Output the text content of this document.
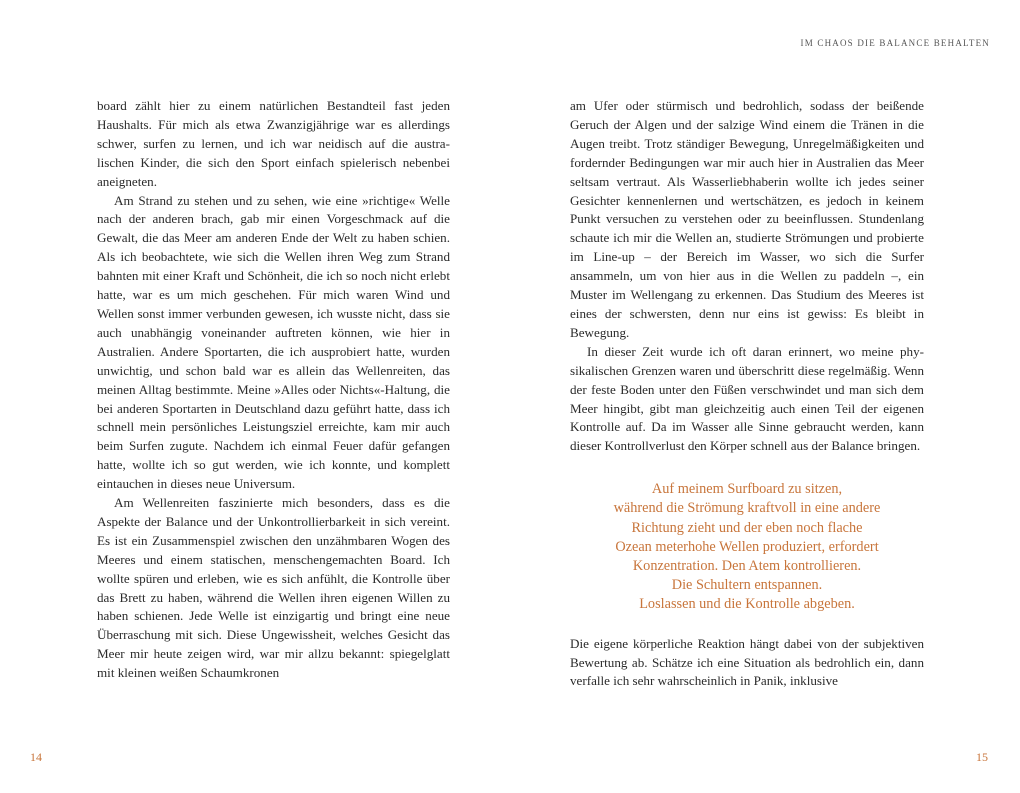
board zählt hier zu einem natürlichen Bestandteil fast jeden Haushalts. Für mich als etwa Zwanzigjährige war es allerdings schwer, surfen zu lernen, und ich war neidisch auf die australischen Kinder, die sich den Sport einfach spielerisch nebenbei aneigneten.

Am Strand zu stehen und zu sehen, wie eine »richtige« Welle nach der anderen brach, gab mir einen Vorgeschmack auf die Gewalt, die das Meer am anderen Ende der Welt zu haben schien. Als ich beobachtete, wie sich die Wellen ihren Weg zum Strand bahnten mit einer Kraft und Schönheit, die ich so noch nicht erlebt hatte, war es um mich geschehen. Für mich waren Wind und Wellen sonst immer verbunden gewesen, ich wusste nicht, dass sie auch unabhängig voneinander auftreten können, wie hier in Australien. Andere Sportarten, die ich ausprobiert hatte, wurden unwichtig, und schon bald war es allein das Wellenreiten, das meinen Alltag bestimmte. Meine »Alles oder Nichts«-Haltung, die bei anderen Sportarten in Deutschland dazu geführt hatte, dass ich schnell mein persönliches Leistungsziel erreichte, kam mir auch beim Surfen zugute. Nachdem ich einmal Feuer dafür gefangen hatte, wollte ich so gut werden, wie ich konnte, und komplett eintauchen in dieses neue Universum.

Am Wellenreiten faszinierte mich besonders, dass es die Aspekte der Balance und der Unkontrollierbarkeit in sich vereint. Es ist ein Zusammenspiel zwischen den unzähmbaren Wogen des Meeres und einem statischen, menschengemachten Board. Ich wollte spüren und erleben, wie es sich anfühlt, die Kontrolle über das Brett zu haben, während die Wellen ihren eigenen Willen zu haben schienen. Jede Welle ist einzigartig und bringt eine neue Überraschung mit sich. Diese Ungewissheit, welches Gesicht das Meer mir heute zeigen wird, war mir allzu bekannt: spiegelglatt mit kleinen weißen Schaumkronen

14
IM CHAOS DIE BALANCE BEHALTEN

am Ufer oder stürmisch und bedrohlich, sodass der beißende Geruch der Algen und der salzige Wind einem die Tränen in die Augen treibt. Trotz ständiger Bewegung, Unregelmäßigkeiten und fordernder Bedingungen war mir auch hier in Australien das Meer seltsam vertraut. Als Wasserliebhaberin wollte ich jedes seiner Gesichter kennenlernen und wertschätzen, es jedoch in keinem Punkt versuchen zu verstehen oder zu beeinflussen. Stundenlang schaute ich mir die Wellen an, studierte Strömungen und probierte im Line-up – der Bereich im Wasser, wo sich die Surfer ansammeln, um von hier aus in die Wellen zu paddeln –, ein Muster im Wellengang zu erkennen. Das Studium des Meeres ist eines der schwersten, denn nur eins ist gewiss: Es bleibt in Bewegung.

In dieser Zeit wurde ich oft daran erinnert, wo meine physikalischen Grenzen waren und überschritt diese regelmäßig. Wenn der feste Boden unter den Füßen verschwindet und man sich dem Meer hingibt, gibt man gleichzeitig auch einen Teil der eigenen Kontrolle auf. Da im Wasser alle Sinne gebraucht werden, kann dieser Kontrollverlust den Körper schnell aus der Balance bringen.

Auf meinem Surfboard zu sitzen,
während die Strömung kraftvoll in eine andere
Richtung zieht und der eben noch flache
Ozean meterhohe Wellen produziert, erfordert
Konzentration. Den Atem kontrollieren.
Die Schultern entspannen.
Loslassen und die Kontrolle abgeben.

Die eigene körperliche Reaktion hängt dabei von der subjektiven Bewertung ab. Schätze ich eine Situation als bedrohlich ein, dann verfalle ich sehr wahrscheinlich in Panik, inklusive

15
